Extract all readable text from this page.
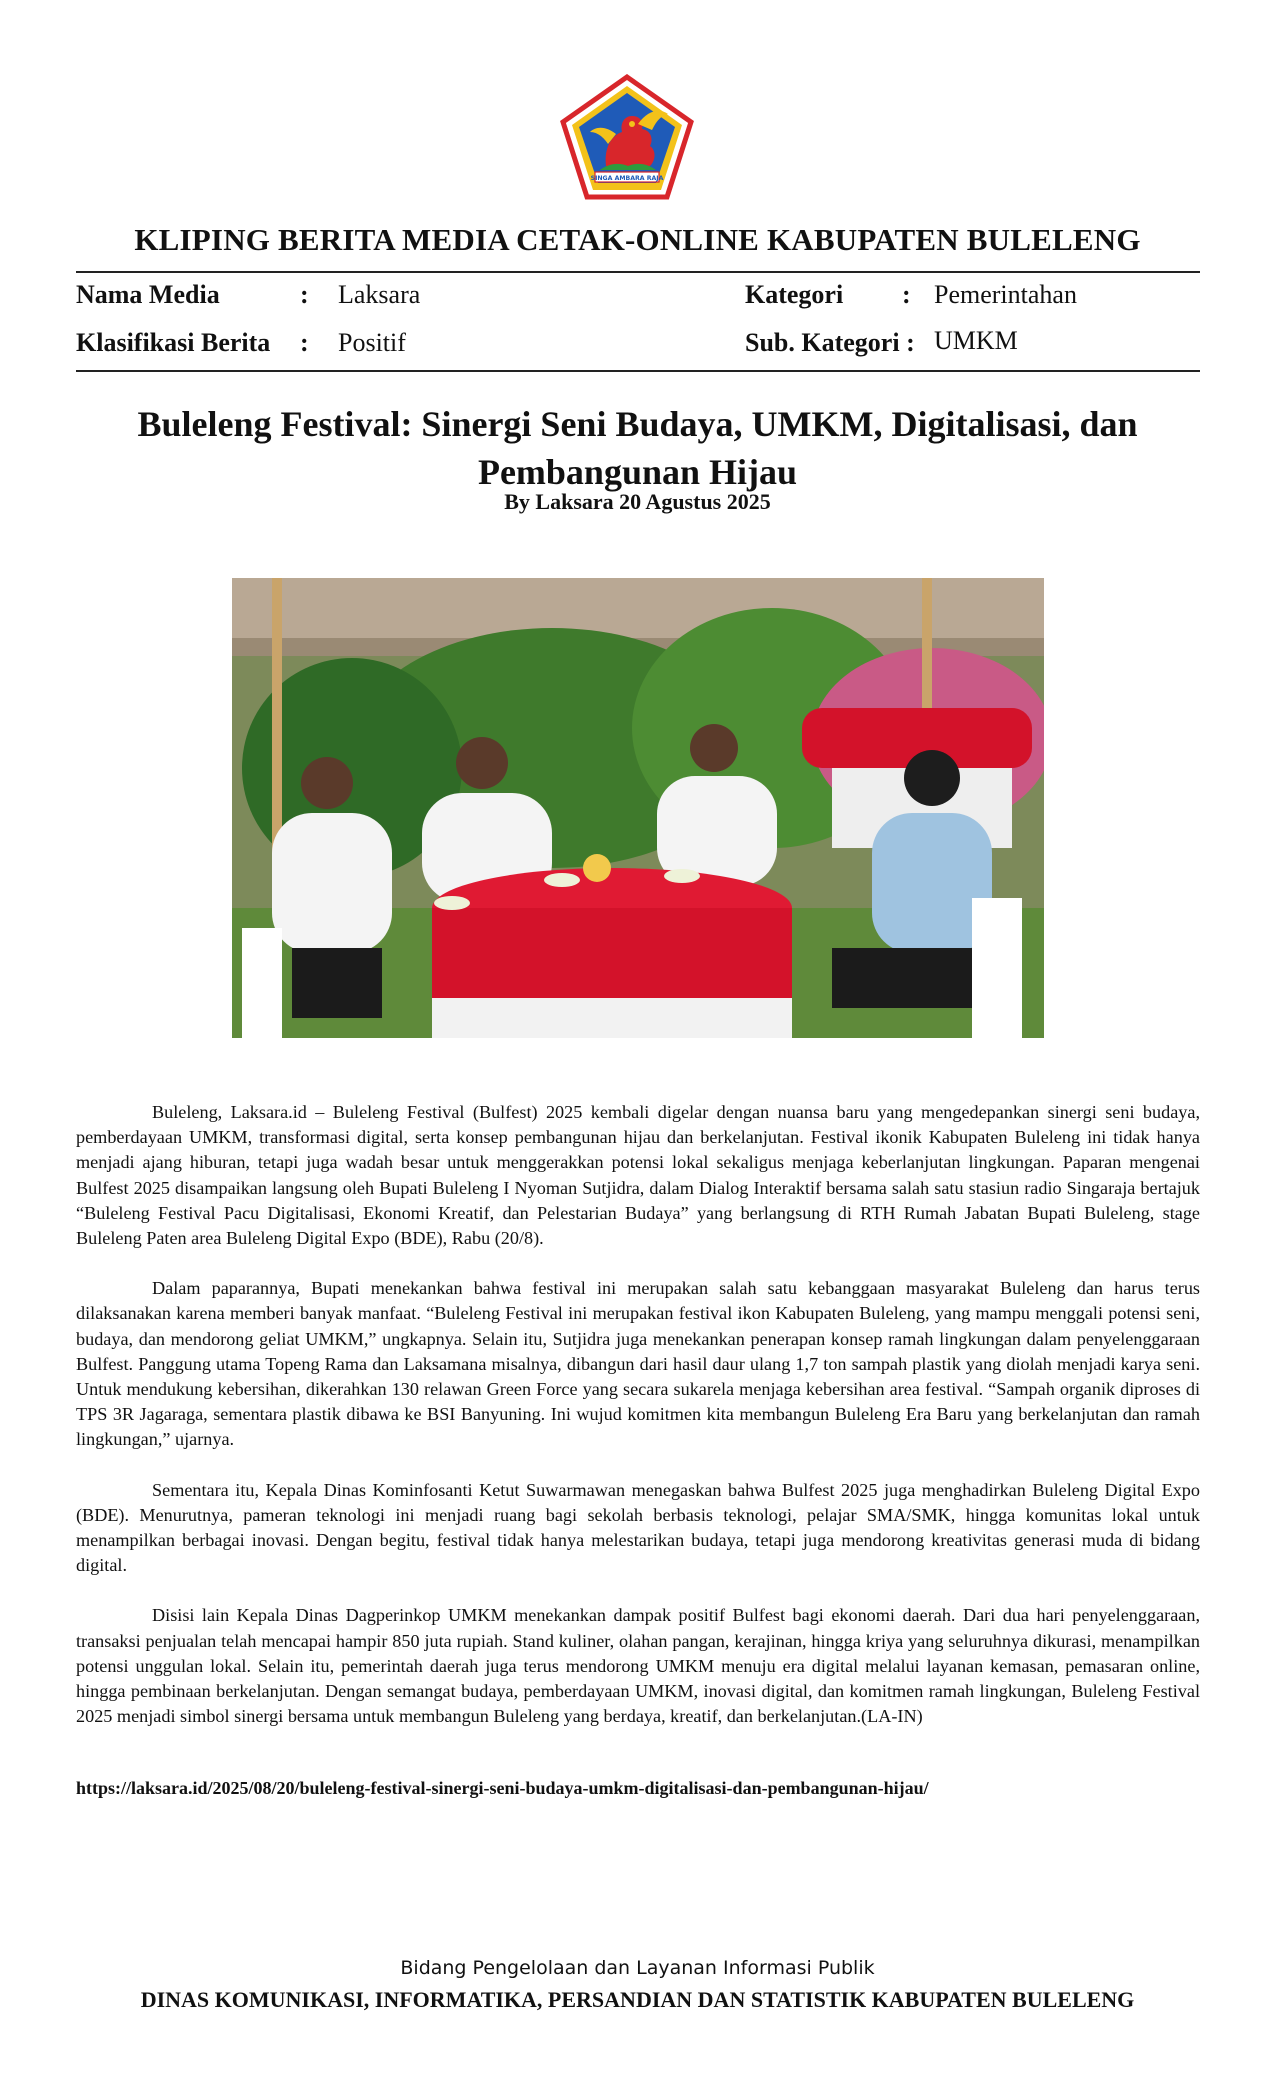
SINGA AMBARA RAJA
KLIPING BERITA MEDIA CETAK-ONLINE KABUPATEN BULELENG
Nama Media	: Laksara	Kategori : Pemerintahan
Klasifikasi Berita : Positif	Sub. Kategori : UMKM
Buleleng Festival: Sinergi Seni Budaya, UMKM, Digitalisasi, dan Pembangunan Hijau
By Laksara 20 Agustus 2025

Buleleng, Laksara.id – Buleleng Festival (Bulfest) 2025 kembali digelar dengan nuansa baru yang mengedepankan sinergi seni budaya, pemberdayaan UMKM, transformasi digital, serta konsep pembangunan hijau dan berkelanjutan. Festival ikonik Kabupaten Buleleng ini tidak hanya menjadi ajang hiburan, tetapi juga wadah besar untuk menggerakkan potensi lokal sekaligus menjaga keberlanjutan lingkungan. Paparan mengenai Bulfest 2025 disampaikan langsung oleh Bupati Buleleng I Nyoman Sutjidra, dalam Dialog Interaktif bersama salah satu stasiun radio Singaraja bertajuk “Buleleng Festival Pacu Digitalisasi, Ekonomi Kreatif, dan Pelestarian Budaya” yang berlangsung di RTH Rumah Jabatan Bupati Buleleng, stage Buleleng Paten area Buleleng Digital Expo (BDE), Rabu (20/8).

Dalam paparannya, Bupati menekankan bahwa festival ini merupakan salah satu kebanggaan masyarakat Buleleng dan harus terus dilaksanakan karena memberi banyak manfaat. “Buleleng Festival ini merupakan festival ikon Kabupaten Buleleng, yang mampu menggali potensi seni, budaya, dan mendorong geliat UMKM,” ungkapnya. Selain itu, Sutjidra juga menekankan penerapan konsep ramah lingkungan dalam penyelenggaraan Bulfest. Panggung utama Topeng Rama dan Laksamana misalnya, dibangun dari hasil daur ulang 1,7 ton sampah plastik yang diolah menjadi karya seni. Untuk mendukung kebersihan, dikerahkan 130 relawan Green Force yang secara sukarela menjaga kebersihan area festival. “Sampah organik diproses di TPS 3R Jagaraga, sementara plastik dibawa ke BSI Banyuning. Ini wujud komitmen kita membangun Buleleng Era Baru yang berkelanjutan dan ramah lingkungan,” ujarnya.

Sementara itu, Kepala Dinas Kominfosanti Ketut Suwarmawan menegaskan bahwa Bulfest 2025 juga menghadirkan Buleleng Digital Expo (BDE). Menurutnya, pameran teknologi ini menjadi ruang bagi sekolah berbasis teknologi, pelajar SMA/SMK, hingga komunitas lokal untuk menampilkan berbagai inovasi. Dengan begitu, festival tidak hanya melestarikan budaya, tetapi juga mendorong kreativitas generasi muda di bidang digital.

Disisi lain Kepala Dinas Dagperinkop UMKM menekankan dampak positif Bulfest bagi ekonomi daerah. Dari dua hari penyelenggaraan, transaksi penjualan telah mencapai hampir 850 juta rupiah. Stand kuliner, olahan pangan, kerajinan, hingga kriya yang seluruhnya dikurasi, menampilkan potensi unggulan lokal. Selain itu, pemerintah daerah juga terus mendorong UMKM menuju era digital melalui layanan kemasan, pemasaran online, hingga pembinaan berkelanjutan. Dengan semangat budaya, pemberdayaan UMKM, inovasi digital, dan komitmen ramah lingkungan, Buleleng Festival 2025 menjadi simbol sinergi bersama untuk membangun Buleleng yang berdaya, kreatif, dan berkelanjutan.(LA-IN)

https://laksara.id/2025/08/20/buleleng-festival-sinergi-seni-budaya-umkm-digitalisasi-dan-pembangunan-hijau/
Bidang Pengelolaan dan Layanan Informasi Publik
DINAS KOMUNIKASI, INFORMATIKA, PERSANDIAN DAN STATISTIK KABUPATEN BULELENG
